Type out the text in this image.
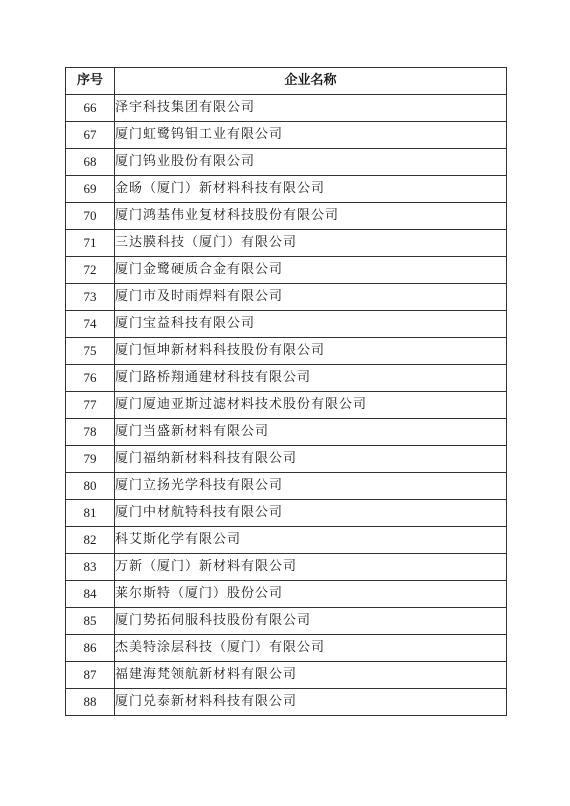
序号	企业名称
66	泽宇科技集团有限公司
67	厦门虹鹭钨钼工业有限公司
68	厦门钨业股份有限公司
69	金旸（厦门）新材料科技有限公司
70	厦门鸿基伟业复材科技股份有限公司
71	三达膜科技（厦门）有限公司
72	厦门金鹭硬质合金有限公司
73	厦门市及时雨焊料有限公司
74	厦门宝益科技有限公司
75	厦门恒坤新材料科技股份有限公司
76	厦门路桥翔通建材科技有限公司
77	厦门厦迪亚斯过滤材料技术股份有限公司
78	厦门当盛新材料有限公司
79	厦门福纳新材料科技有限公司
80	厦门立扬光学科技有限公司
81	厦门中材航特科技有限公司
82	科艾斯化学有限公司
83	万新（厦门）新材料有限公司
84	莱尔斯特（厦门）股份公司
85	厦门势拓伺服科技股份有限公司
86	杰美特涂层科技（厦门）有限公司
87	福建海梵领航新材料有限公司
88	厦门兑泰新材料科技有限公司
